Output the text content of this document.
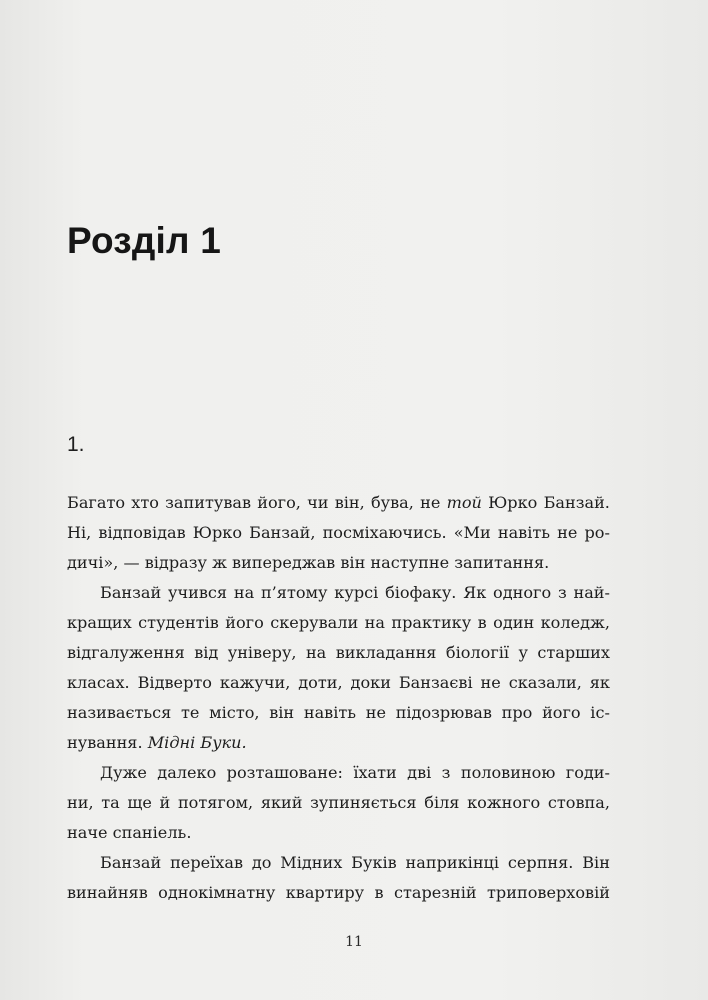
Розділ 1
1.
Багато хто запитував його, чи він, бува, не той Юрко Банзай.
Ні, відповідав Юрко Банзай, посміхаючись. «Ми навіть не ро-
дичі», — відразу ж випереджав він наступне запитання.
Банзай учився на п’ятому курсі біофаку. Як одного з най-
кращих студентів його скерували на практику в один коледж,
відгалуження від універу, на викладання біології у старших
класах. Відверто кажучи, доти, доки Банзаєві не сказали, як
називається те місто, він навіть не підозрював про його іс-
нування.
Мідні Буки.
Дуже далеко розташоване: їхати дві з половиною годи-
ни, та ще й потягом, який зупиняється біля кожного стовпа,
наче спаніель.
Банзай переїхав до Мідних Буків наприкінці серпня. Він
винайняв однокімнатну квартиру в старезній триповерховій
11
